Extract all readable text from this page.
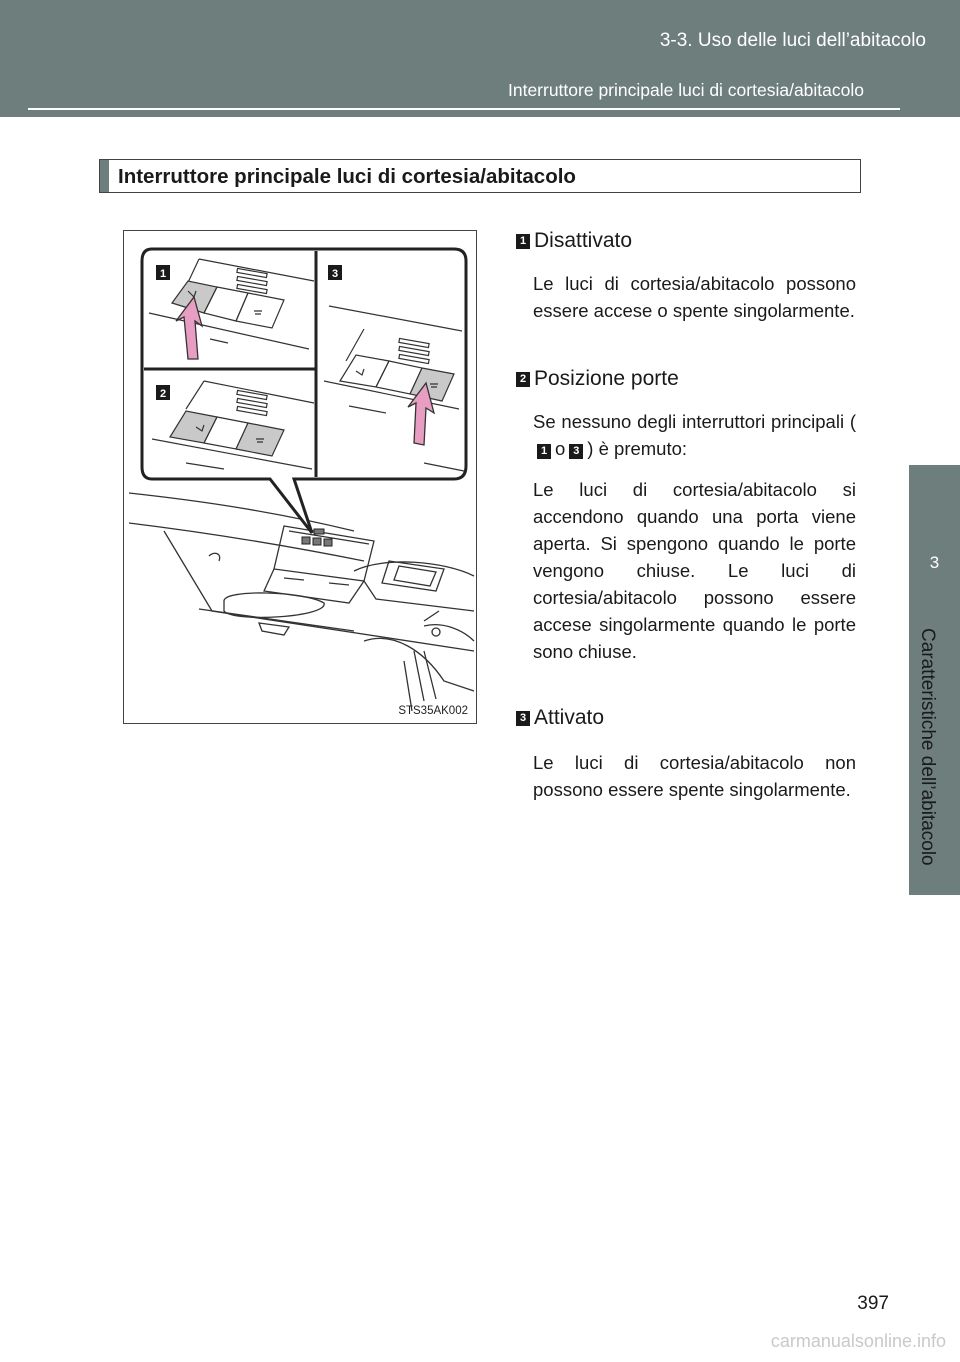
3-3. Uso delle luci dell’abitacolo
Interruttore principale luci di cortesia/abitacolo
3
Caratteristiche dell’abitacolo
Interruttore principale luci di cortesia/abitacolo
1	3
2
STS35AK002
1 Disattivato

Le luci di cortesia/abitacolo possono essere accese o spente singolarmente.

2 Posizione porte

Se nessuno degli interruttori principali (1 o 3 ) è premuto:

Le luci di cortesia/abitacolo si accendono quando una porta viene aperta. Si spengono quando le porte vengono chiuse. Le luci di cortesia/abitacolo possono essere accese singolarmente quando le porte sono chiuse.

3 Attivato

Le luci di cortesia/abitacolo non possono essere spente singolarmente.

397
carmanualsonline.info
